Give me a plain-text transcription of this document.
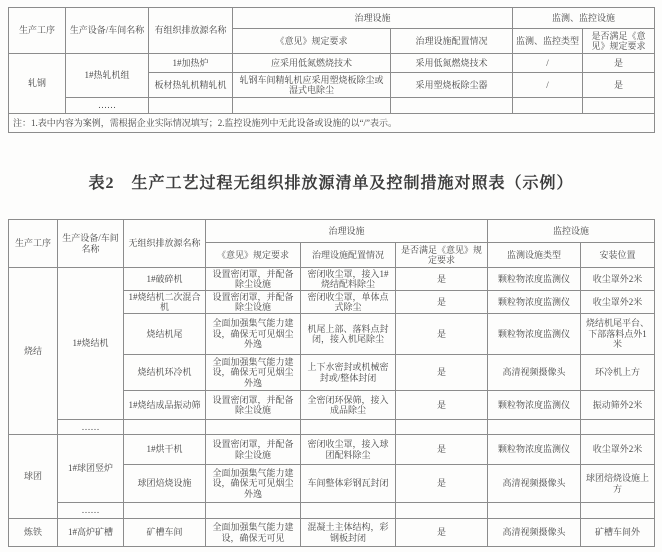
生产工序	生产设备/车间名称	有组织排放源名称	治理设施		监测、监控设施	
			《意见》规定要求	治理设施配置情况	监测、监控类型	是否满足《意见》规定要求
轧钢	1#热轧机组	1#加热炉	应采用低氮燃烧技术	采用低氮燃烧技术	/	是
		板材热轧机精轧机	轧钢车间精轧机应采用塑烧板除尘或湿式电除尘	采用塑烧板除尘器	/	是
	……					
注：1.表中内容为案例，需根据企业实际情况填写；2.监控设施列中无此设备或设施的以“/”表示。						
表2　生产工艺过程无组织排放源清单及控制措施对照表（示例）
生产工序	生产设备/车间名称	无组织排放源名称	治理设施			监控设施	
			《意见》规定要求	治理设施配置情况	是否满足《意见》规定要求	监测设施类型	安装位置
烧结	1#烧结机	1#破碎机	设置密闭罩，并配备除尘设施	密闭收尘罩，接入1#烧结配料除尘	是	颗粒物浓度监测仪	收尘罩外2米
		1#烧结机二次混合机	设置密闭罩，并配备除尘设施	密闭收尘罩，单体点式除尘	是	颗粒物浓度监测仪	收尘罩外2米
		烧结机尾	全面加强集气能力建设，确保无可见烟尘外逸	机尾上部、落料点封闭，接入机尾除尘	是	颗粒物浓度监测仪	烧结机尾平台、下部落料点外1米
		烧结机环冷机	全面加强集气能力建设，确保无可见烟尘外逸	上下水密封或机械密封或/整体封闭	是	高清视频摄像头	环冷机上方
		1#烧结成品振动筛	设置密闭罩，并配备除尘设施	全密闭环保筛，接入成品除尘	是	颗粒物浓度监测仪	振动筛外2米
	……						
球团	1#球团竖炉	1#烘干机	设置密闭罩，并配备除尘设施	密闭收尘罩，接入球团配料除尘	是	颗粒物浓度监测仪	收尘罩外2米
		球团焙烧设施	全面加强集气能力建设，确保无可见烟尘外逸	车间整体彩钢瓦封闭	是	高清视频摄像头	球团焙烧设施上方
	……						
炼铁	1#高炉矿槽	矿槽车间	全面加强集气能力建设，确保无可见	混凝土主体结构，彩钢板封闭	是	高清视频摄像头	矿槽车间外
